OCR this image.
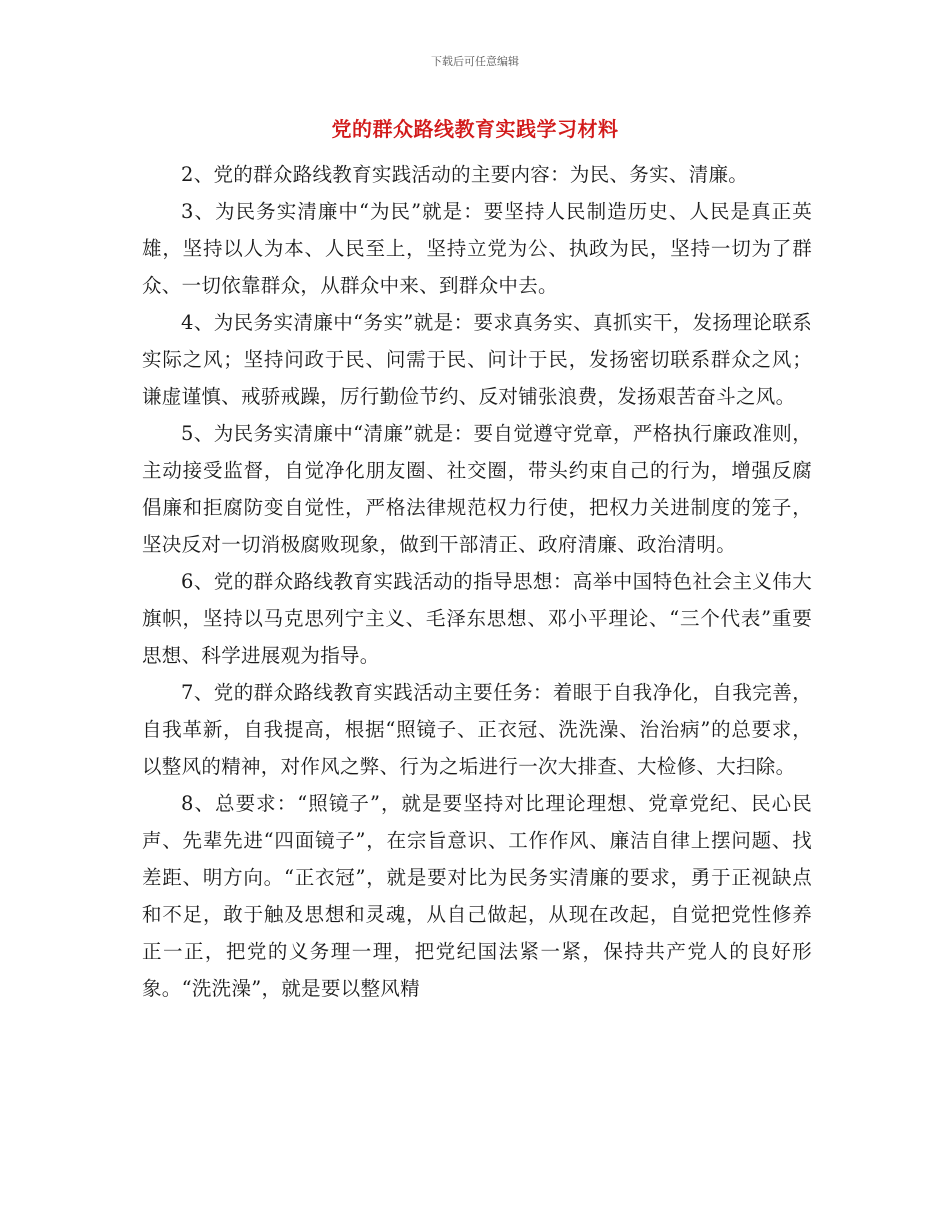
下载后可任意编辑
党的群众路线教育实践学习材料

2、党的群众路线教育实践活动的主要内容：为民、务实、清廉。

3、为民务实清廉中“为民”就是：要坚持人民制造历史、人民是真正英雄，坚持以人为本、人民至上，坚持立党为公、执政为民，坚持一切为了群众、一切依靠群众，从群众中来、到群众中去。

4、为民务实清廉中“务实”就是：要求真务实、真抓实干，发扬理论联系实际之风；坚持问政于民、问需于民、问计于民，发扬密切联系群众之风；谦虚谨慎、戒骄戒躁，厉行勤俭节约、反对铺张浪费，发扬艰苦奋斗之风。

5、为民务实清廉中“清廉”就是：要自觉遵守党章，严格执行廉政准则，主动接受监督，自觉净化朋友圈、社交圈，带头约束自己的行为，增强反腐倡廉和拒腐防变自觉性，严格法律规范权力行使，把权力关进制度的笼子，坚决反对一切消极腐败现象，做到干部清正、政府清廉、政治清明。

6、党的群众路线教育实践活动的指导思想：高举中国特色社会主义伟大旗帜，坚持以马克思列宁主义、毛泽东思想、邓小平理论、“三个代表”重要思想、科学进展观为指导。

7、党的群众路线教育实践活动主要任务：着眼于自我净化，自我完善，自我革新，自我提高，根据“照镜子、正衣冠、洗洗澡、治治病”的总要求，以整风的精神，对作风之弊、行为之垢进行一次大排查、大检修、大扫除。

8、总要求：“照镜子”，就是要坚持对比理论理想、党章党纪、民心民声、先辈先进“四面镜子”，在宗旨意识、工作作风、廉洁自律上摆问题、找差距、明方向。“正衣冠”，就是要对比为民务实清廉的要求，勇于正视缺点和不足，敢于触及思想和灵魂，从自己做起，从现在改起，自觉把党性修养正一正，把党的义务理一理，把党纪国法紧一紧，保持共产党人的良好形象。“洗洗澡”，就是要以整风精
